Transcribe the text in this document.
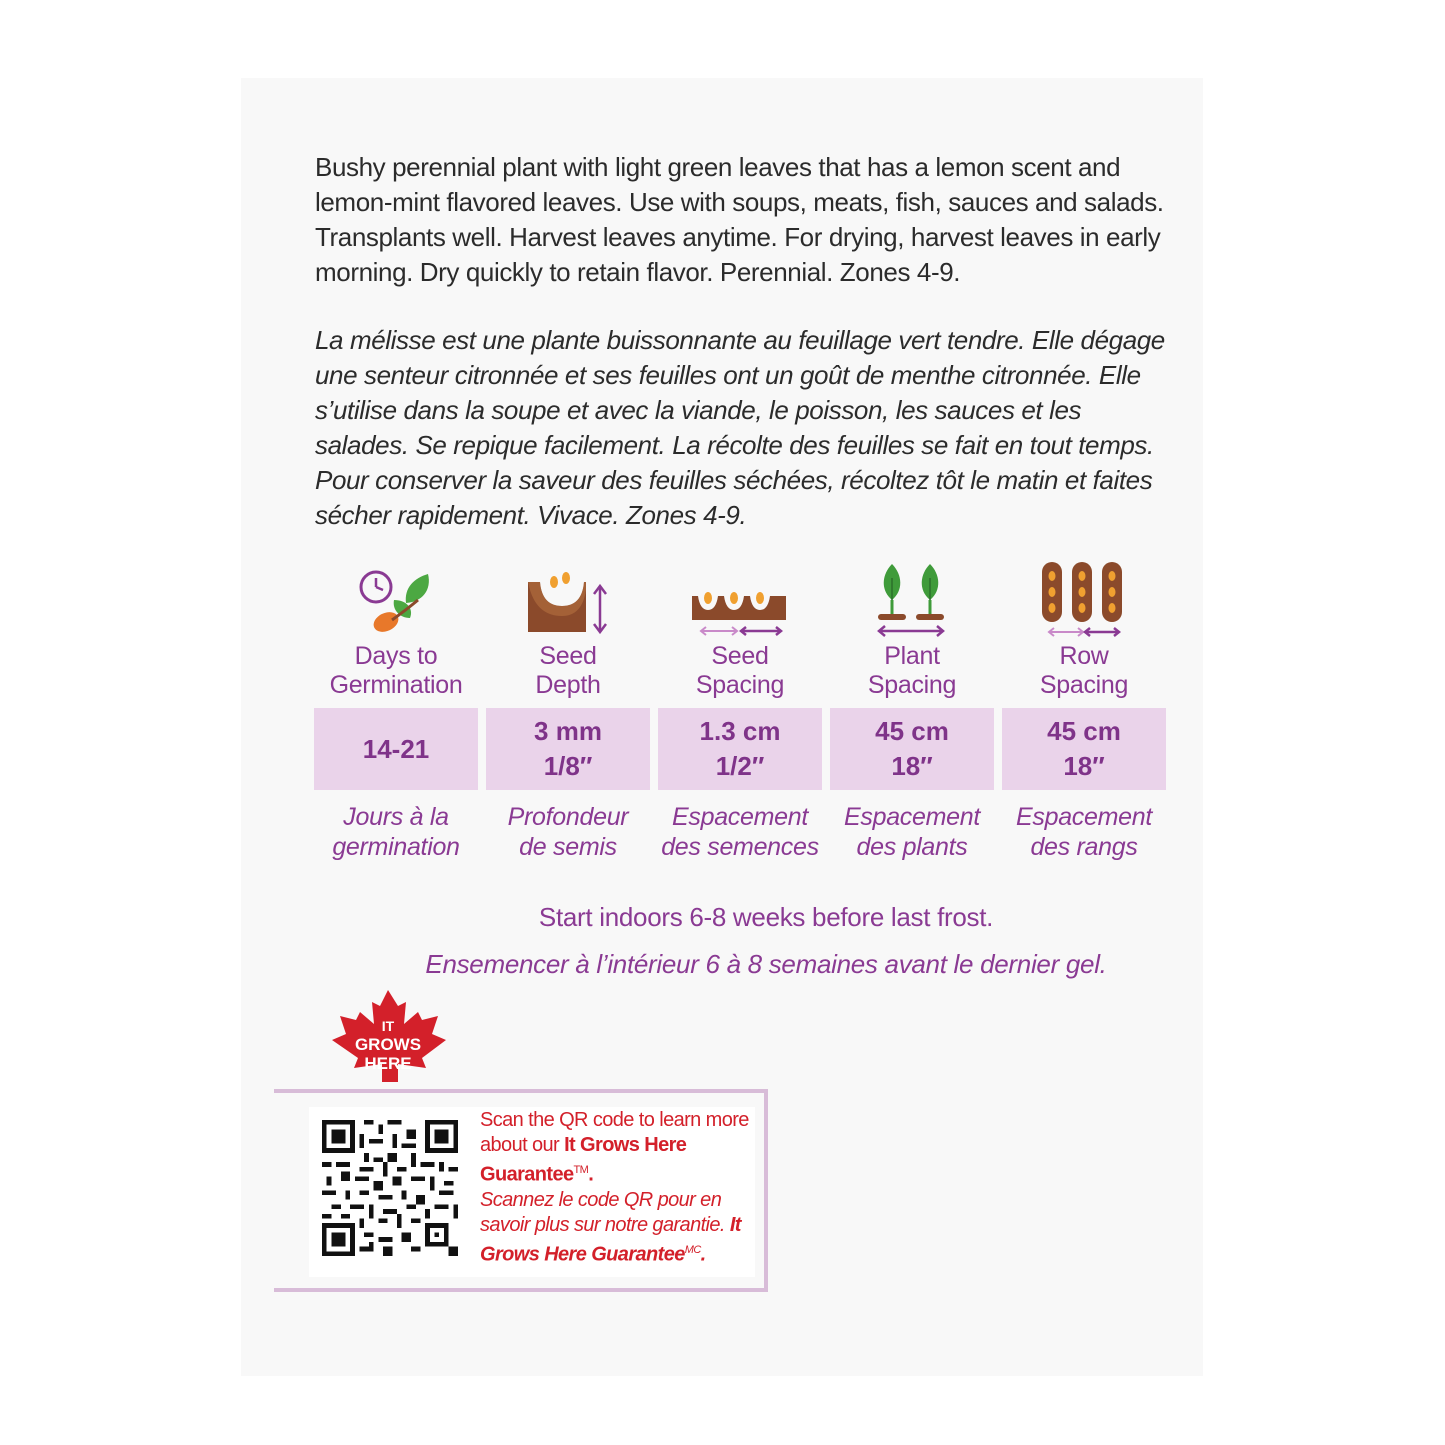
Bushy perennial plant with light green leaves that has a lemon scent and lemon-mint flavored leaves. Use with soups, meats, fish, sauces and salads. Transplants well. Harvest leaves anytime. For drying, harvest leaves in early morning. Dry quickly to retain flavor. Perennial. Zones 4-9.

La mélisse est une plante buissonnante au feuillage vert tendre. Elle dégage une senteur citronnée et ses feuilles ont un goût de menthe citronnée. Elle s’utilise dans la soupe et avec la viande, le poisson, les sauces et les salades. Se repique facilement. La récolte des feuilles se fait en tout temps. Pour conserver la saveur des feuilles séchées, récoltez tôt le matin et faites sécher rapidement. Vivace. Zones 4-9.

Days to
Germination
14-21
Jours à la
germination
Seed
Depth
3 mm
1/8″
Profondeur
de semis
Seed
Spacing
1.3 cm
1/2″
Espacement
des semences
Plant
Spacing
45 cm
18″
Espacement
des plants
Row
Spacing
45 cm
18″
Espacement
des rangs
Start indoors 6-8 weeks before last frost.
Ensemencer à l’intérieur 6 à 8 semaines avant le dernier gel.
IT
GROWS
HERE
Scan the QR code to learn more about our It Grows Here Guarantee™.
Scannez le code QR pour en savoir plus sur notre garantie. It Grows Here Guarantee$^{MC}$.
